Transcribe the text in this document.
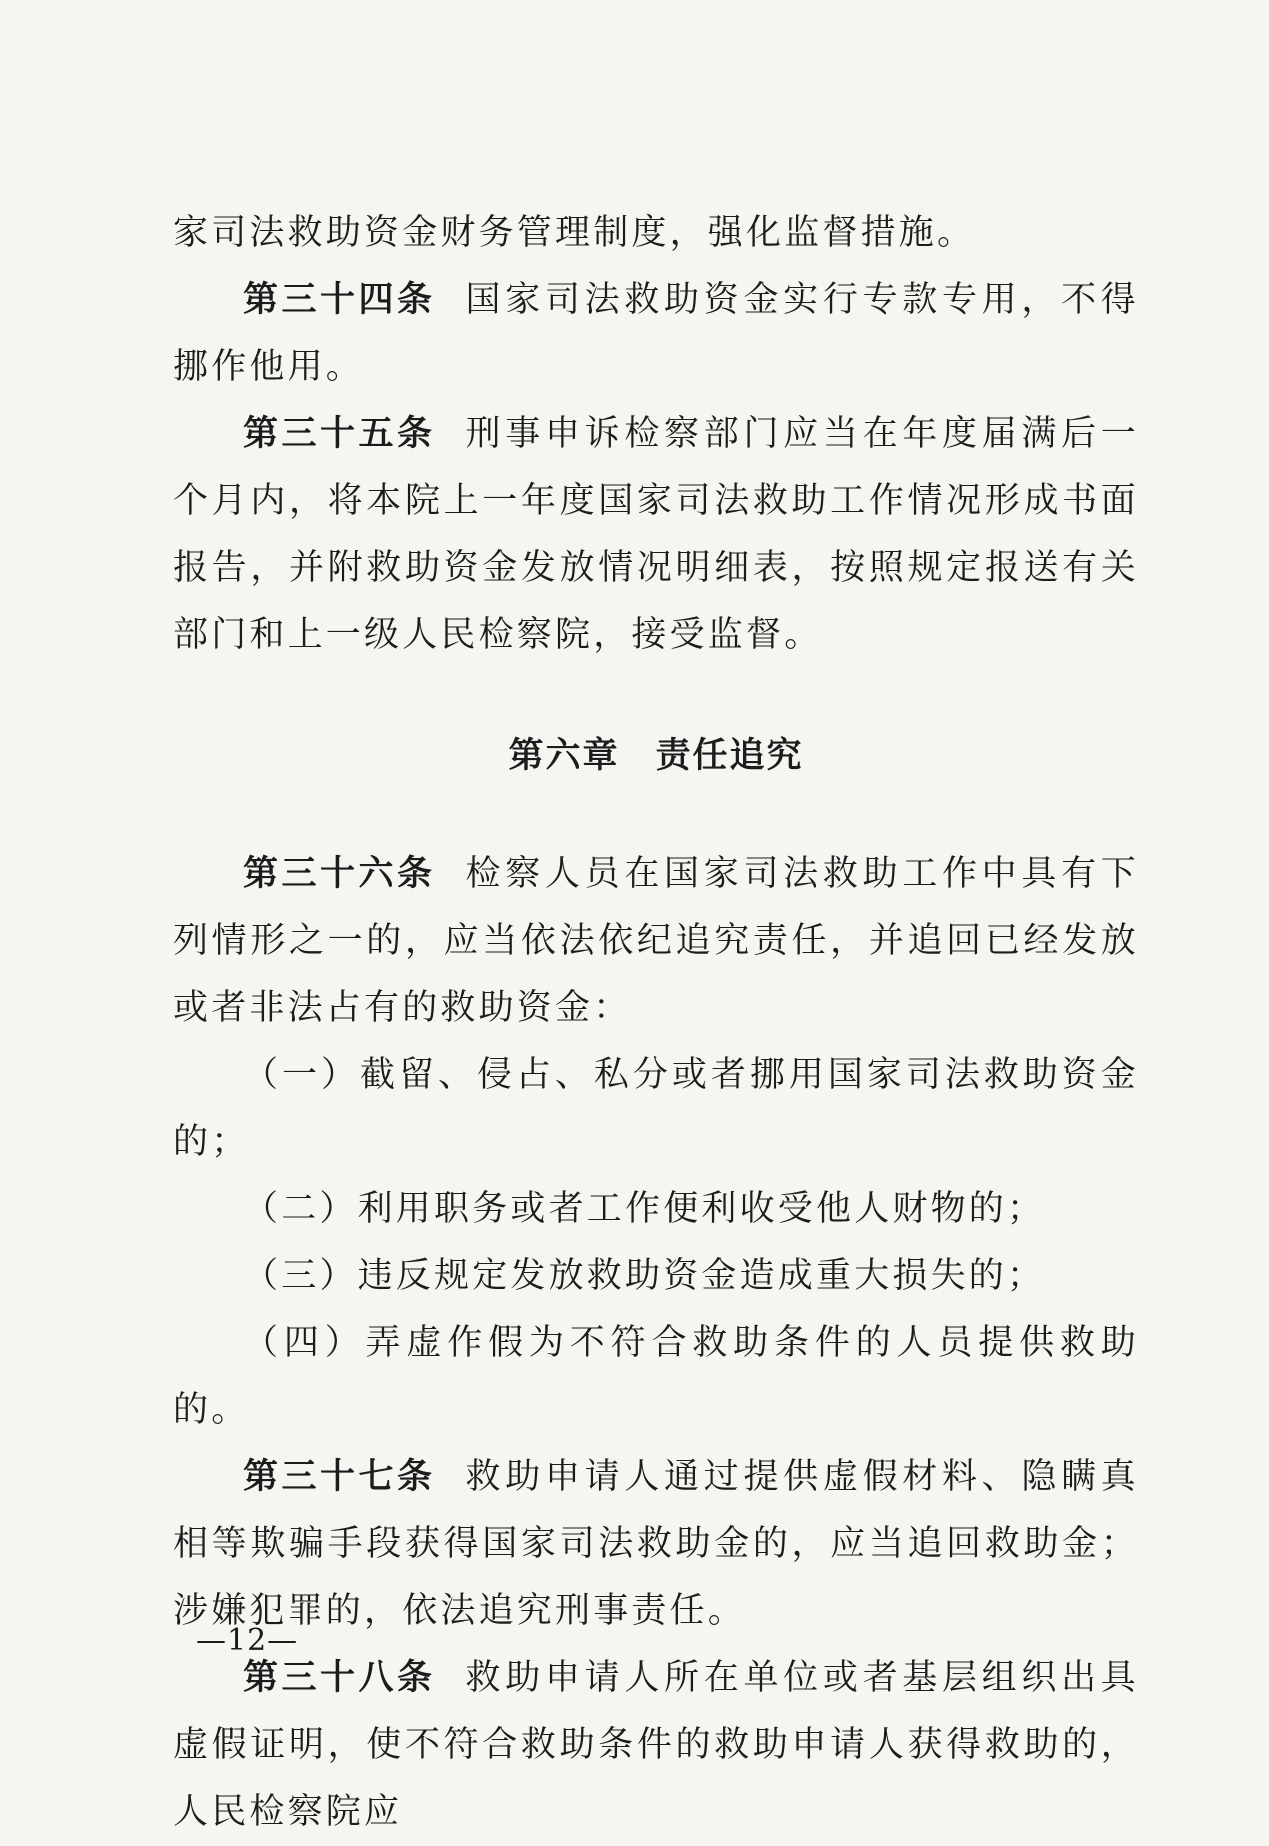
家司法救助资金财务管理制度，强化监督措施。

第三十四条 国家司法救助资金实行专款专用，不得挪作他用。

第三十五条 刑事申诉检察部门应当在年度届满后一个月内，将本院上一年度国家司法救助工作情况形成书面报告，并附救助资金发放情况明细表，按照规定报送有关部门和上一级人民检察院，接受监督。

第六章 责任追究

第三十六条 检察人员在国家司法救助工作中具有下列情形之一的，应当依法依纪追究责任，并追回已经发放或者非法占有的救助资金：

（一）截留、侵占、私分或者挪用国家司法救助资金的；

（二）利用职务或者工作便利收受他人财物的；

（三）违反规定发放救助资金造成重大损失的；

（四）弄虚作假为不符合救助条件的人员提供救助的。

第三十七条 救助申请人通过提供虚假材料、隐瞒真相等欺骗手段获得国家司法救助金的，应当追回救助金；涉嫌犯罪的，依法追究刑事责任。

第三十八条 救助申请人所在单位或者基层组织出具虚假证明，使不符合救助条件的救助申请人获得救助的，人民检察院应

—12—
